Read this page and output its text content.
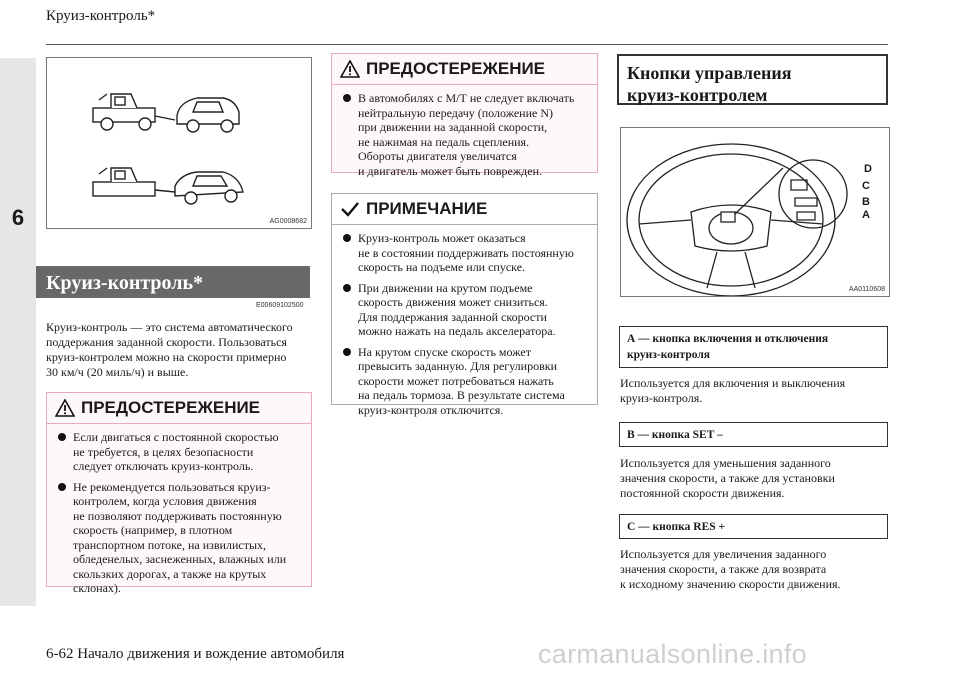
Круиз-контроль*
6	AG0008682
Круиз-контроль*
E00609102500
Круиз-контроль — это система автоматического
поддержания заданной скорости. Пользоваться
круиз-контролем можно на скорости примерно
30 км/ч (20 миль/ч) и выше.
ПРЕДОСТЕРЕЖЕНИЕ
Если двигаться с постоянной скоростью
не требуется, в целях безопасности
следует отключать круиз-контроль.
Не рекомендуется пользоваться круиз-
контролем, когда условия движения
не позволяют поддерживать постоянную
скорость (например, в плотном
транспортном потоке, на извилистых,
обледенелых, заснеженных, влажных или
скользких дорогах, а также на крутых
склонах).
ПРЕДОСТЕРЕЖЕНИЕ
В автомобилях с М/Т не следует включать
нейтральную передачу (положение N)
при движении на заданной скорости,
не нажимая на педаль сцепления.
Обороты двигателя увеличатся
и двигатель может быть поврежден.
ПРИМЕЧАНИЕ
Круиз-контроль может оказаться
не в состоянии поддерживать постоянную
скорость на подъеме или спуске.
При движении на крутом подъеме
скорость движения может снизиться.
Для поддержания заданной скорости
можно нажать на педаль акселератора.
На крутом спуске скорость может
превысить заданную. Для регулировки
скорости может потребоваться нажать
на педаль тормоза. В результате система
круиз-контроля отключится.
Кнопки управления
круиз-контролем
D
C
B
A
AA0110608
А — кнопка включения и отключения
круиз-контроля
Используется для включения и выключения
круиз-контроля.
В — кнопка SET –
Используется для уменьшения заданного
значения скорости, а также для установки
постоянной скорости движения.
С — кнопка RES +
Используется для увеличения заданного
значения скорости, а также для возврата
к исходному значению скорости движения.
6-62 Начало движения и вождение автомобиля	carmanualsonline.info
